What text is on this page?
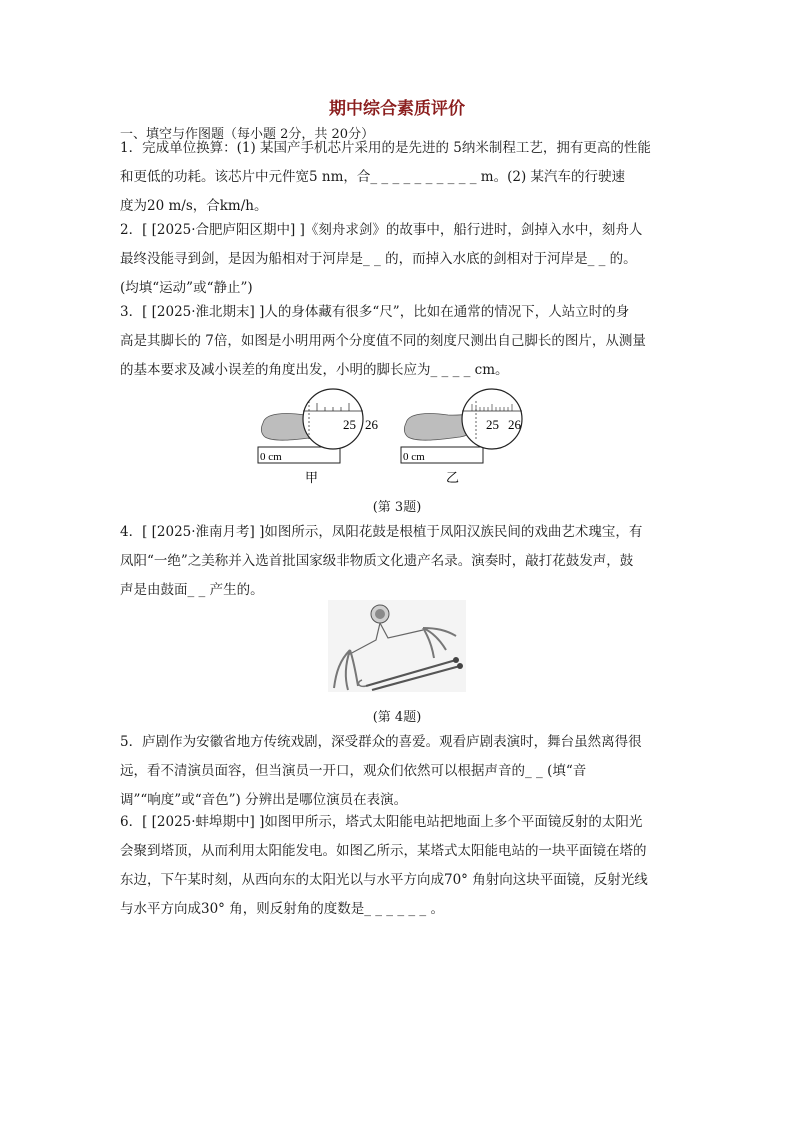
期中综合素质评价
一、填空与作图题（每小题 2分，共 20分）
1．完成单位换算：(1) 某国产手机芯片采用的是先进的 5纳米制程工艺，拥有更高的性能
和更低的功耗。该芯片中元件宽5 nm，合_ _ _ _ _ _ _ _ _ _ m。(2) 某汽车的行驶速
度为20 m/s，合km/h。
2．[ [2025·合肥庐阳区期中] ]《刻舟求剑》的故事中，船行进时，剑掉入水中，刻舟人
最终没能寻到剑，是因为船相对于河岸是_ _ 的，而掉入水底的剑相对于河岸是_ _ 的。
(均填“运动”或“静止”)
3．[ [2025·淮北期末] ]人的身体藏有很多“尺”，比如在通常的情况下，人站立时的身
高是其脚长的 7倍，如图是小明用两个分度值不同的刻度尺测出自己脚长的图片，从测量
的基本要求及减小误差的角度出发，小明的脚长应为_ _ _ _ cm。
25 26
0 cm
甲
25 26
0 cm
乙
(第 3题)
4．[ [2025·淮南月考] ]如图所示，凤阳花鼓是根植于凤阳汉族民间的戏曲艺术瑰宝，有
凤阳“一绝”之美称并入选首批国家级非物质文化遗产名录。演奏时，敲打花鼓发声，鼓
声是由鼓面_ _ 产生的。
(第 4题)
5．庐剧作为安徽省地方传统戏剧，深受群众的喜爱。观看庐剧表演时，舞台虽然离得很
远，看不清演员面容，但当演员一开口，观众们依然可以根据声音的_ _ (填“音
调”“响度”或“音色”) 分辨出是哪位演员在表演。
6．[ [2025·蚌埠期中] ]如图甲所示，塔式太阳能电站把地面上多个平面镜反射的太阳光
会聚到塔顶，从而利用太阳能发电。如图乙所示，某塔式太阳能电站的一块平面镜在塔的
东边，下午某时刻，从西向东的太阳光以与水平方向成70° 角射向这块平面镜，反射光线
与水平方向成30° 角，则反射角的度数是_ _ _ _ _ _ 。
